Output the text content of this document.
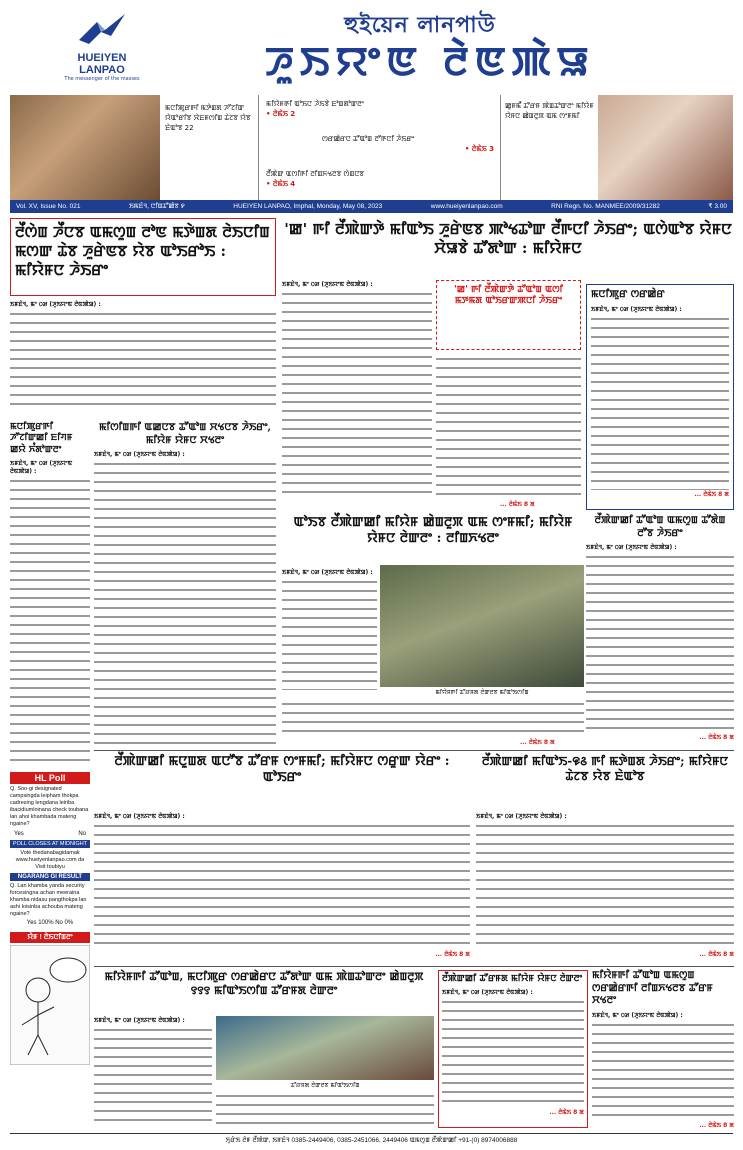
HUEIYEN
LANPAO
The messenger of the masses
হুইয়েন লানপাউ
ꯍꯨꯏꯌꯦꯟ ꯂꯥꯟꯄꯥꯎ
ꯃꯅꯤꯄꯨꯔꯒꯤ ꯃꯇꯥꯡꯗ ꯍꯧꯖꯤꯛ ꯌꯥꯑꯣꯔꯤꯕ ꯋꯥꯐꯝꯁꯤꯡ ꯊꯥꯖꯕ ꯌꯥꯕ ꯐꯥꯑꯣꯕ 22
ꯃꯤꯌꯥꯝꯒꯤ ꯑꯣꯏꯅ ꯍꯥꯏꯕꯥ ꯐꯣꯡꯗꯣꯛꯂꯦ
• ꯂꯥꯃꯥꯏ 2
ꯁꯔꯀꯥꯔꯅ ꯊꯧꯑꯣꯡ ꯂꯧꯒꯅꯤ ꯍꯥꯏꯔꯦ
• ꯂꯥꯃꯥꯏ 3
ꯂꯩꯄꯥꯛ ꯑꯁꯤꯒꯤ ꯂꯤꯡꯈꯠꯂꯕ ꯁꯥꯡꯅꯕ
• ꯂꯥꯃꯥꯏ 4
ꯀꯨꯝꯃꯩ ꯊꯧꯔꯝ ꯄꯥꯡꯊꯣꯛꯂꯦ ꯃꯤꯌꯥꯝ ꯌꯥꯝꯅ ꯀꯥꯡꯂꯨꯞ ꯑꯃ ꯁꯦꯝꯃꯤ
Vol. XV, Issue No. 021	ꯏꯃꯐꯥꯜ, ꯅꯤꯡꯊꯧꯀꯥꯕ ꯸	HUEIYEN LANPAO, Imphal, Monday, May 08, 2023	www.hueiyenlanpao.com	RNI Regn. No. MANMEE/2009/31282	₹ 3.00
ꯂꯩꯁꯥꯡ ꯍꯩꯅꯕ ꯑꯃꯁꯨꯡ ꯂꯣꯟ ꯃꯇꯥꯡꯗ ꯂꯥꯏꯅꯤꯡ ꯃꯁꯛ ꯊꯥꯕ ꯍꯨꯔꯥꯟꯕ ꯌꯥꯕ ꯑꯣꯏꯔꯣꯏ : ꯃꯤꯌꯥꯝꯅ ꯍꯥꯏꯔꯦ
ꯏꯝꯐꯥꯜ, ꯃꯦ ꯰꯷ (ꯍꯨꯏꯌꯦꯟ ꯂꯥꯟꯄꯥꯎ) :
'ꯀ' ꯒꯤ ꯂꯩꯄꯥꯛꯇꯥ ꯃꯤꯑꯣꯏ ꯍꯨꯔꯥꯟꯕ ꯄꯣꯠꯊꯣꯛ ꯂꯩꯒꯅꯤ ꯍꯥꯏꯔꯦ; ꯑꯁꯥꯑꯣꯕ ꯌꯥꯝꯅ ꯆꯥꯎꯕꯥ ꯊꯧꯗꯣꯛ : ꯃꯤꯌꯥꯝꯅ
ꯏꯝꯐꯥꯜ, ꯃꯦ ꯰꯷ (ꯍꯨꯏꯌꯦꯟ ꯂꯥꯟꯄꯥꯎ) :
'ꯀ' ꯒꯤ ꯂꯩꯄꯥꯛꯇꯥ ꯊꯧꯑꯣꯡ ꯑꯁꯤ ꯃꯇꯃꯗ ꯑꯣꯏꯔꯛꯄꯅꯤ ꯍꯥꯏꯔꯦ
... ꯂꯥꯃꯥꯏ 8 ꯗ
ꯃꯅꯤꯄꯨꯔ ꯁꯔꯀꯥꯔ
ꯏꯝꯐꯥꯜ, ꯃꯦ ꯰꯷ (ꯍꯨꯏꯌꯦꯟ ꯂꯥꯟꯄꯥꯎ) :
... ꯂꯥꯃꯥꯏ 8 ꯗ
ꯃꯅꯤꯄꯨꯔꯒꯤ ꯍꯧꯖꯤꯛꯀꯤ ꯐꯤꯚꯝ ꯀꯌꯥ ꯈꯪꯗꯣꯛꯂꯦ
ꯏꯝꯐꯥꯜ, ꯃꯦ ꯰꯷ (ꯍꯨꯏꯌꯦꯟ ꯂꯥꯟꯄꯥꯎ) :
ꯃꯤꯁꯤꯡꯒꯤ ꯑꯀꯅꯕ ꯊꯧꯑꯣꯡ ꯆꯠꯅꯕ ꯍꯥꯏꯔꯦ, ꯃꯤꯌꯥꯝ ꯌꯥꯝꯅ ꯆꯠꯂꯦ
ꯏꯝꯐꯥꯜ, ꯃꯦ ꯰꯷ (ꯍꯨꯏꯌꯦꯟ ꯂꯥꯟꯄꯥꯎ) :
ꯑꯣꯏꯕ ꯂꯩꯄꯥꯛꯀꯤ ꯃꯤꯌꯥꯝ ꯀꯥꯡꯂꯨꯞ ꯑꯃ ꯁꯦꯝꯃꯤ; ꯃꯤꯌꯥꯝ ꯌꯥꯝꯅ ꯂꯥꯛꯂꯦ : ꯂꯤꯡꯈꯠꯂꯦ
ꯏꯝꯐꯥꯜ, ꯃꯦ ꯰꯷ (ꯍꯨꯏꯌꯦꯟ ꯂꯥꯟꯄꯥꯎ) :
ꯃꯤꯌꯥꯝꯒꯤ ꯊꯧꯔꯝꯗ ꯂꯥꯛꯂꯕ ꯃꯤꯑꯣꯏꯁꯤꯡ
... ꯂꯥꯃꯥꯏ 8 ꯗ
ꯂꯩꯄꯥꯛꯀꯤ ꯊꯧꯑꯣꯡ ꯑꯃꯁꯨꯡ ꯊꯧꯗꯥꯡ ꯂꯧꯕ ꯍꯥꯏꯔꯦ
ꯏꯝꯐꯥꯜ, ꯃꯦ ꯰꯷ (ꯍꯨꯏꯌꯦꯟ ꯂꯥꯟꯄꯥꯎ) :
... ꯂꯥꯃꯥꯏ 8 ꯗ
ꯂꯩꯄꯥꯛꯀꯤ ꯃꯅꯨꯡꯗ ꯑꯅꯧꯕ ꯊꯧꯔꯝ ꯁꯦꯝꯃꯤ; ꯃꯤꯌꯥꯝꯅ ꯁꯔꯨꯛ ꯌꯥꯔꯦ : ꯑꯣꯏꯔꯦ
ꯏꯝꯐꯥꯜ, ꯃꯦ ꯰꯷ (ꯍꯨꯏꯌꯦꯟ ꯂꯥꯟꯄꯥꯎ) :
... ꯂꯥꯃꯥꯏ 8 ꯗ
ꯂꯩꯄꯥꯛꯀꯤ ꯃꯤꯑꯣꯏ-꯶꯴ ꯒꯤ ꯃꯇꯥꯡꯗ ꯍꯥꯏꯔꯦ; ꯃꯤꯌꯥꯝꯅ ꯊꯥꯖꯕ ꯌꯥꯕ ꯐꯥꯑꯣꯕ
ꯏꯝꯐꯥꯜ, ꯃꯦ ꯰꯷ (ꯍꯨꯏꯌꯦꯟ ꯂꯥꯟꯄꯥꯎ) :
... ꯂꯥꯃꯥꯏ 8 ꯗ
HL Poll
Q. Soo-gi designated campsingda leipham thokpa cadresing lengdana leiriba ibacidiumloinana check toubana lan ahoi khambada mateng ngaine?
Yes	No
POLL CLOSES AT MIDNIGHT
Vote thedanabagidamak www.hueiyenlanpao.com da Visit toubiyu
NGARANG GI RESULT
Q. Lan khamba yanda security forcesingna achan meeraina khamba nidasu pangthokpa lan ashi loisinba achouba mateng ngaine?
Yes 100% No 0%
ꯌꯥꯝ ! ꯂꯥꯏꯅꯤꯡꯂꯦ
ꯃꯤꯌꯥꯝꯒꯤ ꯊꯧꯑꯣꯡ, ꯃꯅꯤꯄꯨꯔ ꯁꯔꯀꯥꯔꯅ ꯊꯧꯗꯣꯛ ꯑꯃ ꯄꯥꯡꯊꯣꯛꯂꯦ ꯀꯥꯡꯂꯨꯞ ꯱꯱꯱ ꯃꯤꯑꯣꯏꯁꯤꯡ ꯊꯧꯔꯝꯗ ꯂꯥꯛꯂꯦ
ꯏꯝꯐꯥꯜ, ꯃꯦ ꯰꯷ (ꯍꯨꯏꯌꯦꯟ ꯂꯥꯟꯄꯥꯎ) :
ꯊꯧꯔꯝꯗ ꯂꯥꯛꯂꯕ ꯃꯤꯑꯣꯏꯁꯤꯡ
ꯂꯩꯄꯥꯛꯀꯤ ꯊꯧꯔꯝꯗ ꯃꯤꯌꯥꯝ ꯌꯥꯝꯅ ꯂꯥꯛꯂꯦ
ꯏꯝꯐꯥꯜ, ꯃꯦ ꯰꯷ (ꯍꯨꯏꯌꯦꯟ ꯂꯥꯟꯄꯥꯎ) :
... ꯂꯥꯃꯥꯏ 8 ꯗ
ꯃꯤꯌꯥꯝꯒꯤ ꯊꯧꯑꯣꯡ ꯑꯃꯁꯨꯡ ꯁꯔꯀꯥꯔꯒꯤ ꯂꯤꯡꯈꯠꯂꯕ ꯊꯧꯔꯝ ꯆꯠꯂꯦ
ꯏꯝꯐꯥꯜ, ꯃꯦ ꯰꯷ (ꯍꯨꯏꯌꯦꯟ ꯂꯥꯟꯄꯥꯎ) :
... ꯂꯥꯃꯥꯏ 8 ꯗ
ꯈꯨꯔꯥꯏ ꯂꯥꯝ ꯂꯩꯄꯥꯛ, ꯏꯝꯐꯥꯜ 0385-2449406, 0385-2451066, 2449406 ꯑꯃꯁꯨꯡ ꯂꯩꯄꯥꯛꯀꯤ +91-(0) 8974006888
